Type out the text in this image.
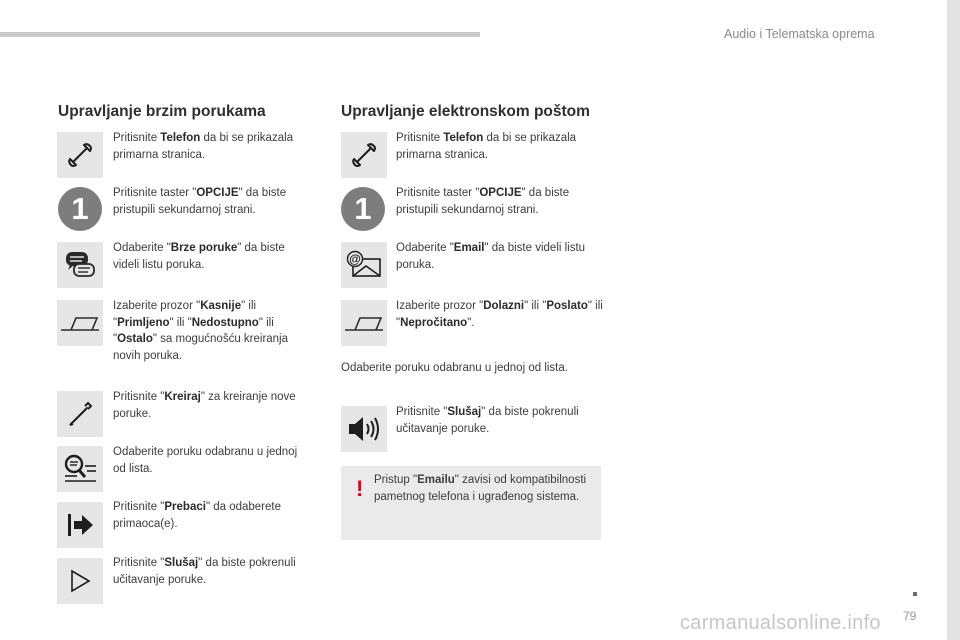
Audio i Telematska oprema
Upravljanje brzim porukama
1
Pritisnite Telefon da bi se prikazala primarna stranica.
Pritisnite taster "OPCIJE" da biste pristupili sekundarnoj strani.
Odaberite "Brze poruke" da biste videli listu poruka.
Izaberite prozor "Kasnije" ili "Primljeno" ili "Nedostupno" ili "Ostalo" sa mogućnošću kreiranja novih poruka.
Pritisnite "Kreiraj" za kreiranje nove poruke.
Odaberite poruku odabranu u jednoj od lista.
Pritisnite "Prebaci" da odaberete primaoca(e).
Pritisnite "Slušaj" da biste pokrenuli učitavanje poruke.
Upravljanje elektronskom poštom
1
Pritisnite Telefon da bi se prikazala primarna stranica.
Pritisnite taster "OPCIJE" da biste pristupili sekundarnoj strani.
@
Odaberite "Email" da biste videli listu poruka.
Izaberite prozor "Dolazni" ili "Poslato" ili "Nepročitano".
Odaberite poruku odabranu u jednoj od lista.
Pritisnite "Slušaj" da biste pokrenuli učitavanje poruke.
! Pristup "Emailu" zavisi od kompatibilnosti pametnog telefona i ugrađenog sistema.
carmanualsonline.info 79
